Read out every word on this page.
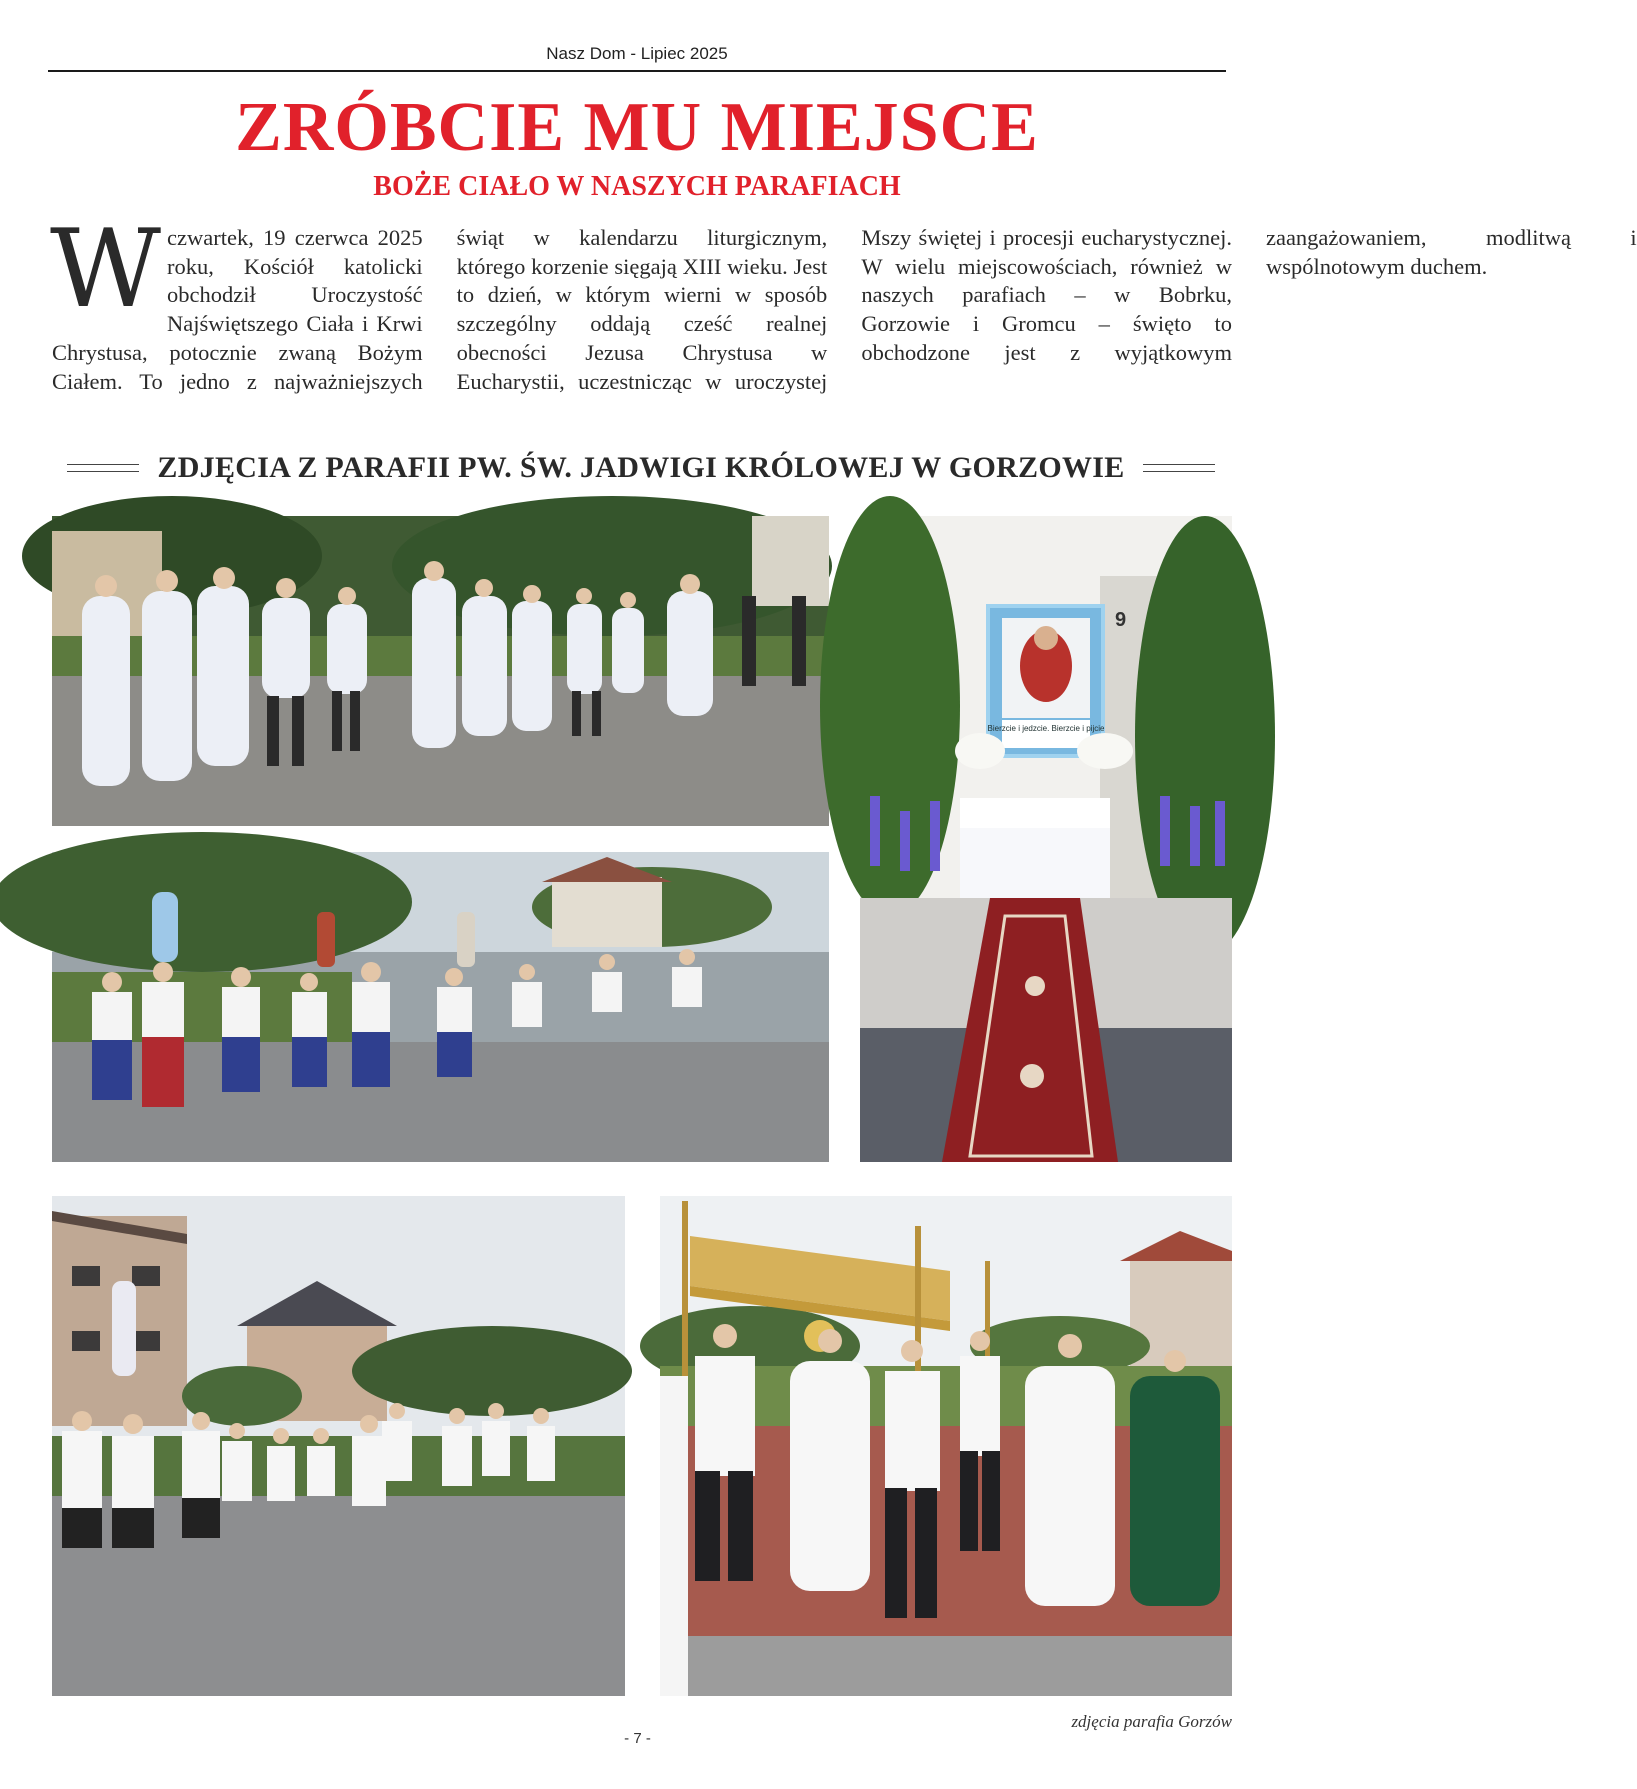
Nasz Dom - Lipiec 2025
ZRÓBCIE MU MIEJSCE
BOŻE CIAŁO W NASZYCH PARAFIACH
W czwartek, 19 czerwca 2025 roku, Kościół katolicki obchodził Uroczystość Najświętszego Ciała i Krwi Chrystusa, potocznie zwaną Bożym Ciałem. To jedno z najważniejszych świąt w kalendarzu liturgicznym, którego korzenie sięgają XIII wieku. Jest to dzień, w którym wierni w sposób szczególny oddają cześć realnej obecności Jezusa Chrystusa w Eucharystii, uczestnicząc w uroczystej Mszy świętej i procesji eucharystycznej. W wielu miejscowościach, również w naszych parafiach – w Bobrku, Gorzowie i Gromcu – święto to obchodzone jest z wyjątkowym zaangażowaniem, modlitwą i wspólnotowym duchem.
ZDJĘCIA Z PARAFII PW. ŚW. JADWIGI KRÓLOWEJ W GORZOWIE
Bierzcie i jedzcie. Bierzcie i pijcie
9
zdjęcia parafia Gorzów
- 7 -
